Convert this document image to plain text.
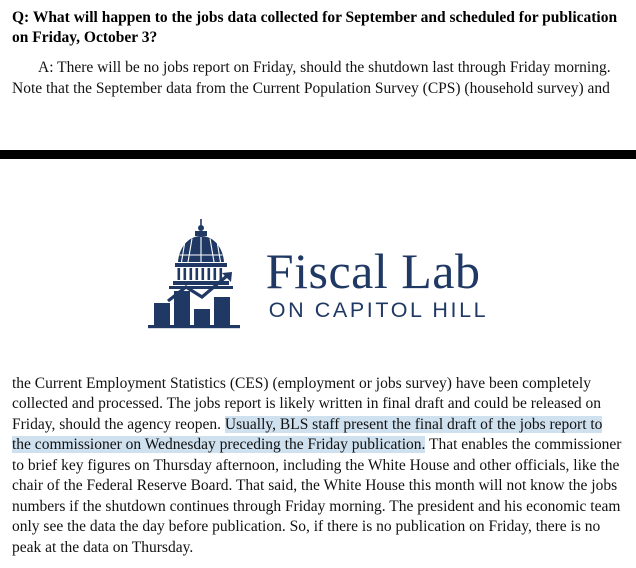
Q: What will happen to the jobs data collected for September and scheduled for publication on Friday, October 3?

A: There will be no jobs report on Friday, should the shutdown last through Friday morning. Note that the September data from the Current Population Survey (CPS) (household survey) and

Fiscal Lab
ON CAPITOL HILL

the Current Employment Statistics (CES) (employment or jobs survey) have been completely collected and processed. The jobs report is likely written in final draft and could be released on Friday, should the agency reopen. Usually, BLS staff present the final draft of the jobs report to the commissioner on Wednesday preceding the Friday publication. That enables the commissioner to brief key figures on Thursday afternoon, including the White House and other officials, like the chair of the Federal Reserve Board. That said, the White House this month will not know the jobs numbers if the shutdown continues through Friday morning. The president and his economic team only see the data the day before publication. So, if there is no publication on Friday, there is no peak at the data on Thursday.
